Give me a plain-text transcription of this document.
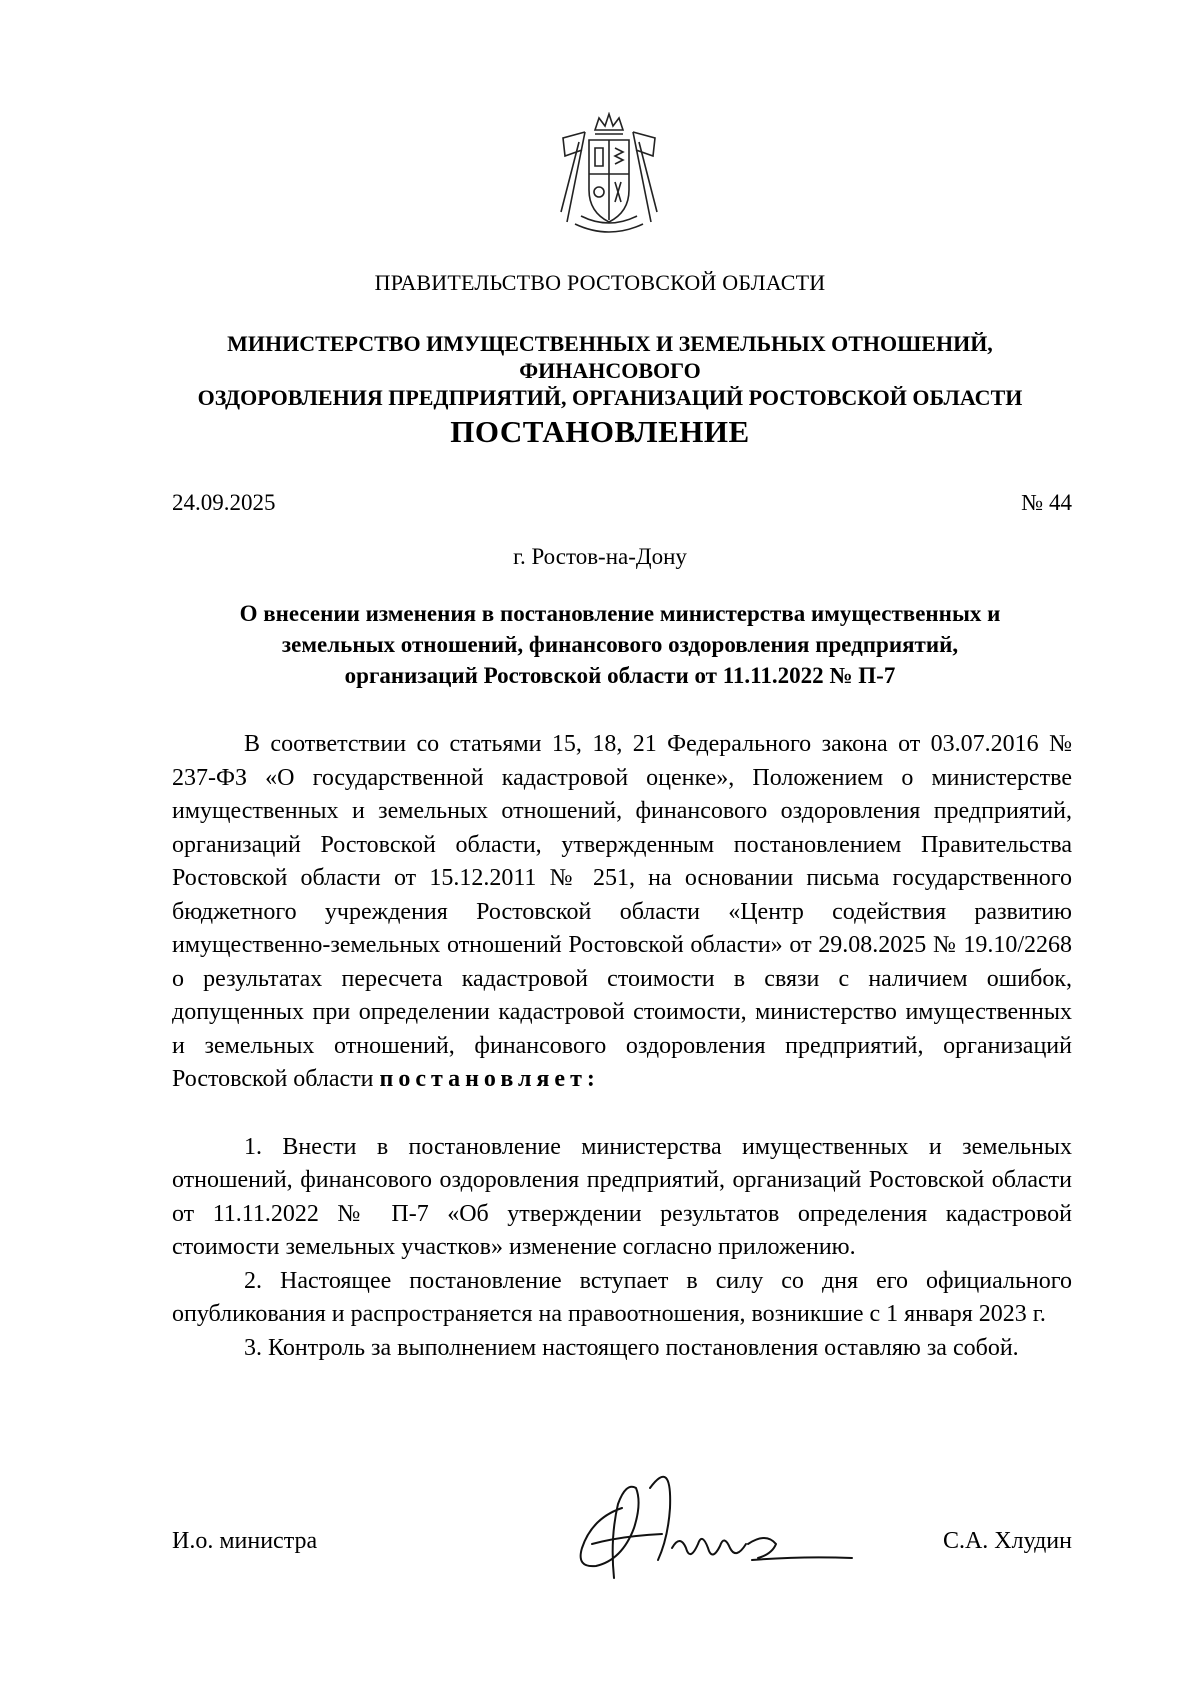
ПРАВИТЕЛЬСТВО РОСТОВСКОЙ ОБЛАСТИ
МИНИСТЕРСТВО ИМУЩЕСТВЕННЫХ И ЗЕМЕЛЬНЫХ ОТНОШЕНИЙ, ФИНАНСОВОГО
ОЗДОРОВЛЕНИЯ ПРЕДПРИЯТИЙ, ОРГАНИЗАЦИЙ РОСТОВСКОЙ ОБЛАСТИ
ПОСТАНОВЛЕНИЕ
24.09.2025	№ 44
г. Ростов-на-Дону
О внесении изменения в постановление министерства имущественных и
земельных отношений, финансового оздоровления предприятий,
организаций Ростовской области от 11.11.2022 № П-7

В соответствии со статьями 15, 18, 21 Федерального закона от 03.07.2016 № 237-ФЗ «О государственной кадастровой оценке», Положением о министерстве имущественных и земельных отношений, финансового оздоровления предприятий, организаций Ростовской области, утвержденным постановлением Правительства Ростовской области от 15.12.2011 № 251, на основании письма государственного бюджетного учреждения Ростовской области «Центр содействия развитию имущественно-земельных отношений Ростовской области» от 29.08.2025 № 19.10/2268 о результатах пересчета кадастровой стоимости в связи с наличием ошибок, допущенных при определении кадастровой стоимости, министерство имущественных и земельных отношений, финансового оздоровления предприятий, организаций Ростовской области постановляет:

1. Внести в постановление министерства имущественных и земельных отношений, финансового оздоровления предприятий, организаций Ростовской области от 11.11.2022 № П-7 «Об утверждении результатов определения кадастровой стоимости земельных участков» изменение согласно приложению.

2. Настоящее постановление вступает в силу со дня его официального опубликования и распространяется на правоотношения, возникшие с 1 января 2023 г.

3. Контроль за выполнением настоящего постановления оставляю за собой.

И.о. министра	С.А. Хлудин
